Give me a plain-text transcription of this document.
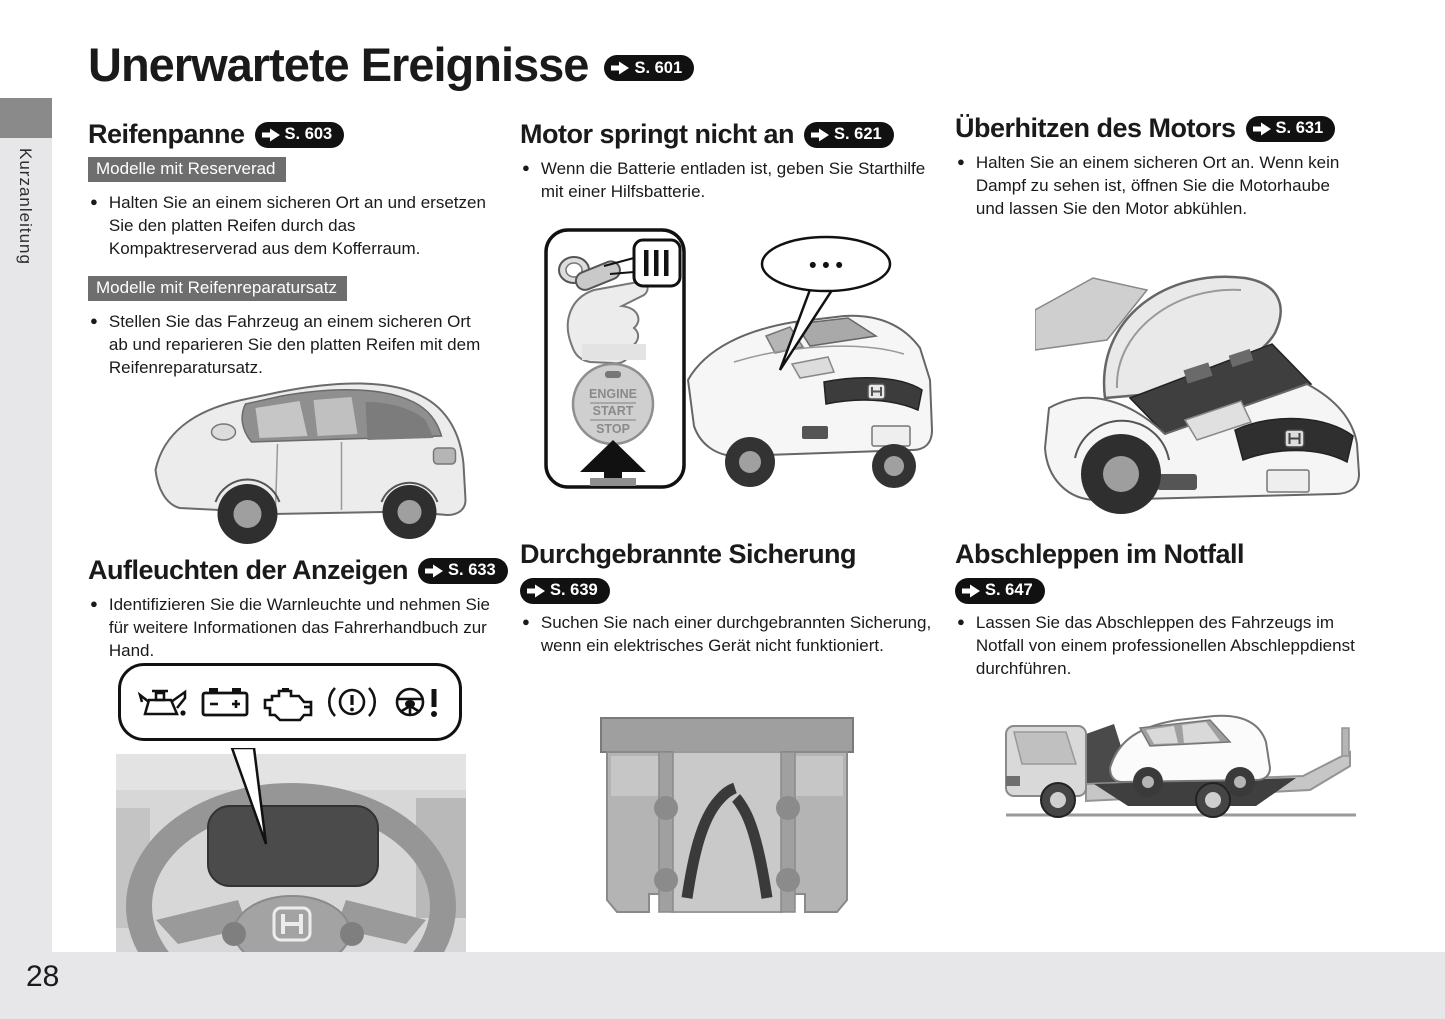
Kurzanleitung
Unerwartete Ereignisse	S. 601
Reifenpanne S. 603
Modelle mit Reserverad
● Halten Sie an einem sicheren Ort an und ersetzen Sie den platten Reifen durch das Kompaktreserverad aus dem Kofferraum.
Modelle mit Reifenreparatursatz
● Stellen Sie das Fahrzeug an einem sicheren Ort ab und reparieren Sie den platten Reifen mit dem Reifenreparatursatz.
Motor springt nicht an S. 621
● Wenn die Batterie entladen ist, geben Sie Starthilfe mit einer Hilfsbatterie.
ENGINE
START
STOP
• • •
Überhitzen des Motors S. 631
● Halten Sie an einem sicheren Ort an. Wenn kein Dampf zu sehen ist, öffnen Sie die Motorhaube und lassen Sie den Motor abkühlen.
Aufleuchten der Anzeigen S. 633
● Identifizieren Sie die Warnleuchte und nehmen Sie für weitere Informationen das Fahrerhandbuch zur Hand.
Durchgebrannte Sicherung
S. 639
● Suchen Sie nach einer durchgebrannten Sicherung, wenn ein elektrisches Gerät nicht funktioniert.
Abschleppen im Notfall
S. 647
● Lassen Sie das Abschleppen des Fahrzeugs im Notfall von einem professionellen Abschleppdienst durchführen.
28
